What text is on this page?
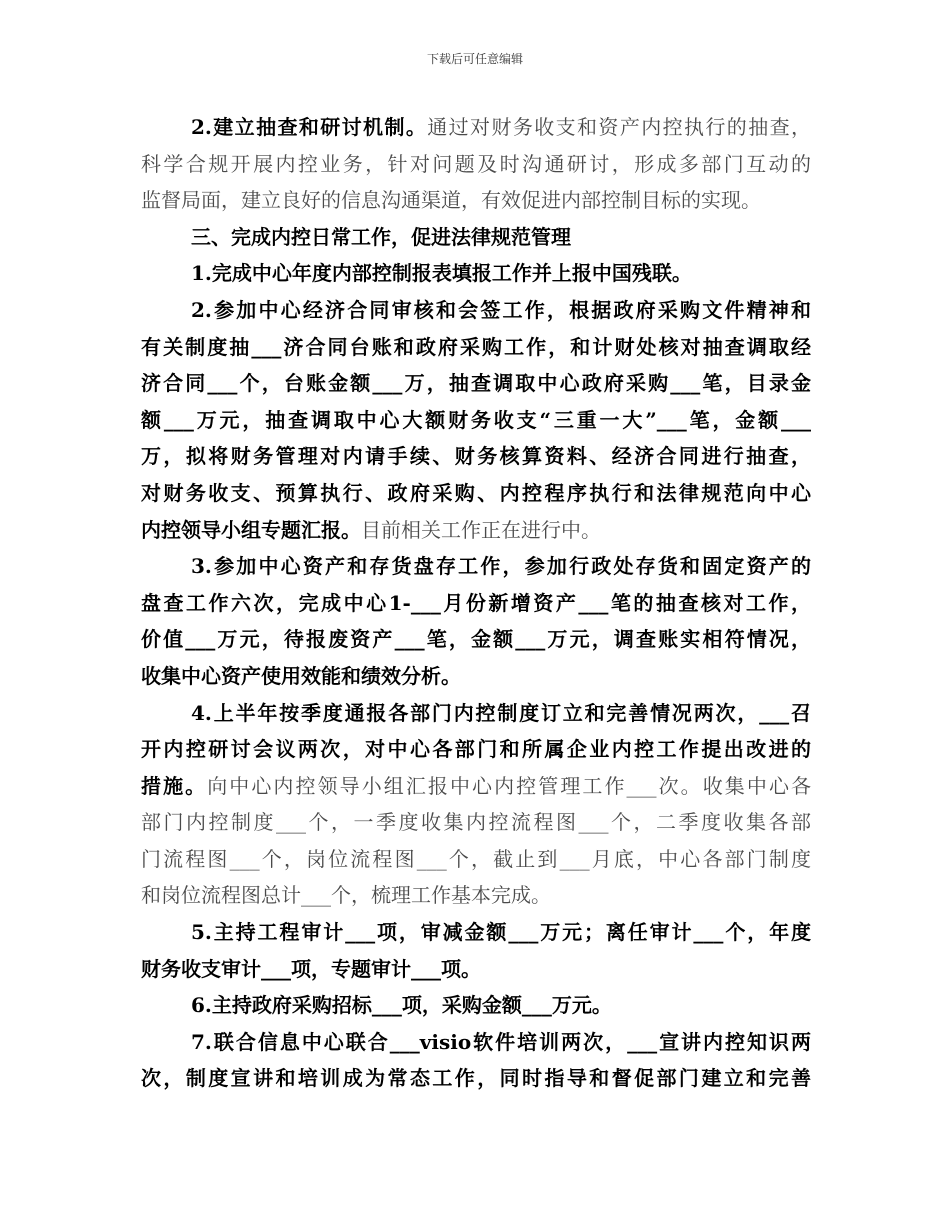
下载后可任意编辑
2.建立抽查和研讨机制。通过对财务收支和资产内控执行的抽查，
科学合规开展内控业务，针对问题及时沟通研讨，形成多部门互动的
监督局面，建立良好的信息沟通渠道，有效促进内部控制目标的实现。
三、完成内控日常工作，促进法律规范管理
1.完成中心年度内部控制报表填报工作并上报中国残联。
2.参加中心经济合同审核和会签工作，根据政府采购文件精神和
有关制度抽___济合同台账和政府采购工作，和计财处核对抽查调取经
济合同___个，台账金额___万，抽查调取中心政府采购___笔，目录金
额___万元，抽查调取中心大额财务收支“三重一大”___笔，金额___
万，拟将财务管理对内请手续、财务核算资料、经济合同进行抽查，
对财务收支、预算执行、政府采购、内控程序执行和法律规范向中心
内控领导小组专题汇报。目前相关工作正在进行中。
3.参加中心资产和存货盘存工作，参加行政处存货和固定资产的
盘查工作六次，完成中心1-___月份新增资产___笔的抽查核对工作，
价值___万元，待报废资产___笔，金额___万元，调查账实相符情况，
收集中心资产使用效能和绩效分析。
4.上半年按季度通报各部门内控制度订立和完善情况两次，___召
开内控研讨会议两次，对中心各部门和所属企业内控工作提出改进的
措施。向中心内控领导小组汇报中心内控管理工作___次。收集中心各
部门内控制度___个，一季度收集内控流程图___个，二季度收集各部
门流程图___个，岗位流程图___个，截止到___月底，中心各部门制度
和岗位流程图总计___个，梳理工作基本完成。
5.主持工程审计___项，审减金额___万元；离任审计___个，年度
财务收支审计___项，专题审计___项。
6.主持政府采购招标___项，采购金额___万元。
7.联合信息中心联合___visio软件培训两次，___宣讲内控知识两
次，制度宣讲和培训成为常态工作，同时指导和督促部门建立和完善
